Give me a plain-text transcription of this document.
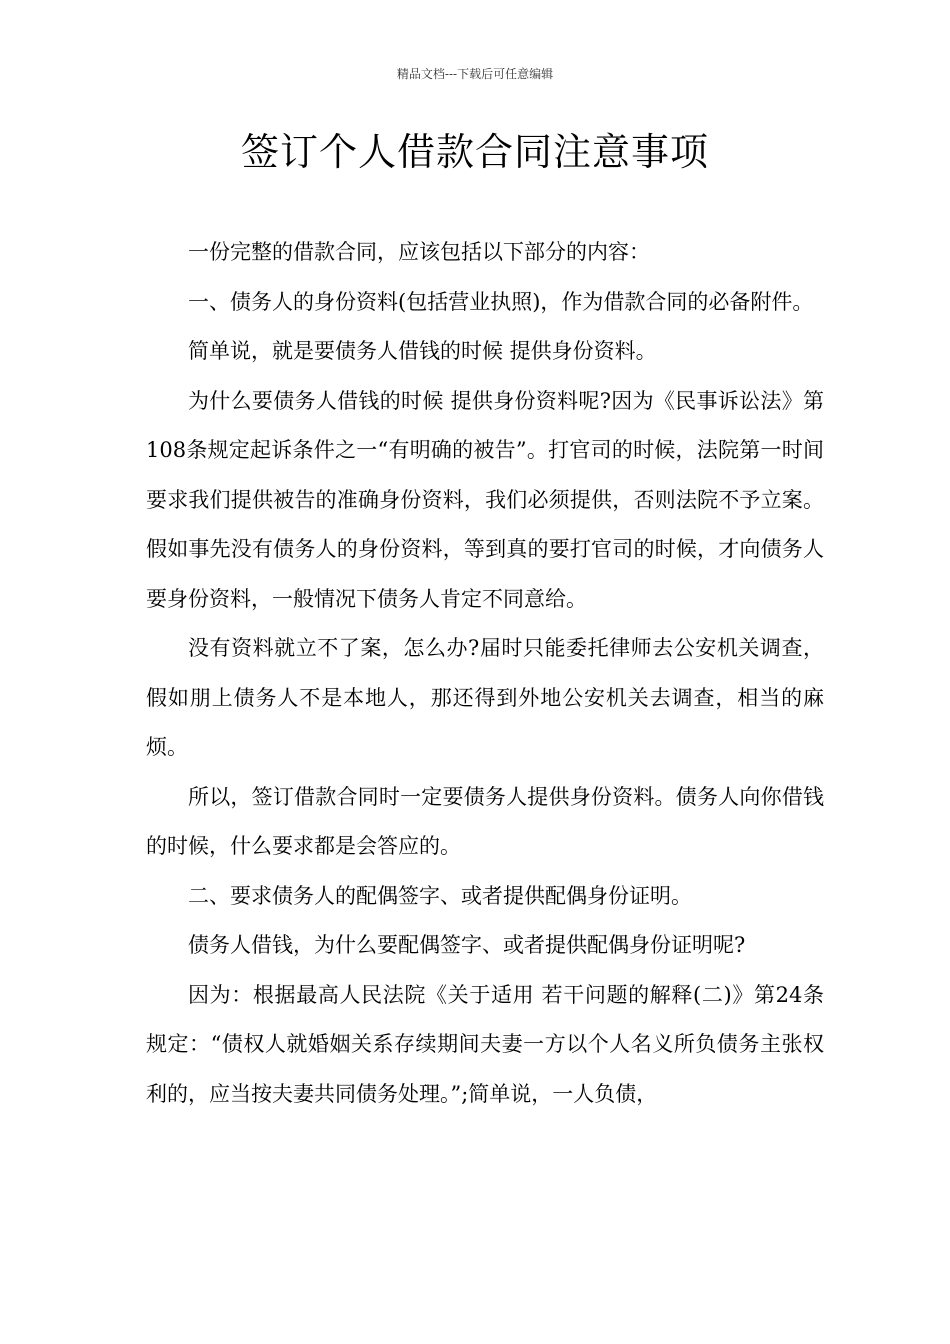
精品文档---下载后可任意编辑
签订个人借款合同注意事项

一份完整的借款合同，应该包括以下部分的内容：

一、债务人的身份资料(包括营业执照)，作为借款合同的必备附件。

简单说，就是要债务人借钱的时候 提供身份资料。

为什么要债务人借钱的时候 提供身份资料呢?因为《民事诉讼法》第108条规定起诉条件之一“有明确的被告”。打官司的时候，法院第一时间要求我们提供被告的准确身份资料，我们必须提供，否则法院不予立案。假如事先没有债务人的身份资料，等到真的要打官司的时候，才向债务人要身份资料，一般情况下债务人肯定不同意给。

没有资料就立不了案，怎么办?届时只能委托律师去公安机关调查，假如朋上债务人不是本地人，那还得到外地公安机关去调查，相当的麻烦。

所以，签订借款合同时一定要债务人提供身份资料。债务人向你借钱的时候，什么要求都是会答应的。

二、要求债务人的配偶签字、或者提供配偶身份证明。

债务人借钱，为什么要配偶签字、或者提供配偶身份证明呢?

因为：根据最高人民法院《关于适用 若干问题的解释(二)》第24条规定：“债权人就婚姻关系存续期间夫妻一方以个人名义所负债务主张权利的，应当按夫妻共同债务处理。”;简单说，一人负债，
